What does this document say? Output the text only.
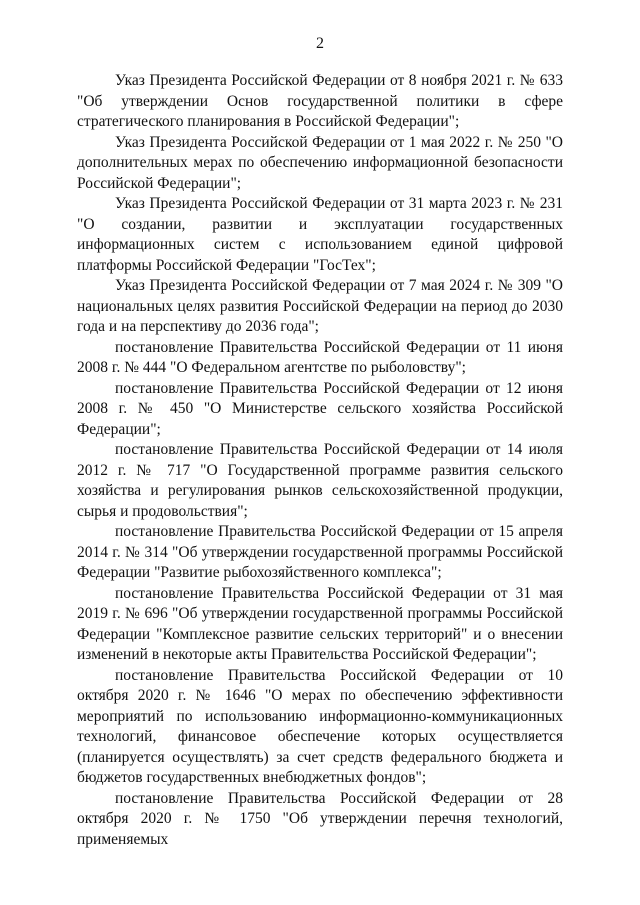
2

Указ Президента Российской Федерации от 8 ноября 2021 г. № 633 "Об утверждении Основ государственной политики в сфере стратегического планирования в Российской Федерации";

Указ Президента Российской Федерации от 1 мая 2022 г. № 250 "О дополнительных мерах по обеспечению информационной безопасности Российской Федерации";

Указ Президента Российской Федерации от 31 марта 2023 г. № 231 "О создании, развитии и эксплуатации государственных информационных систем с использованием единой цифровой платформы Российской Федерации "ГосТех";

Указ Президента Российской Федерации от 7 мая 2024 г. № 309 "О национальных целях развития Российской Федерации на период до 2030 года и на перспективу до 2036 года";

постановление Правительства Российской Федерации от 11 июня 2008 г. № 444 "О Федеральном агентстве по рыболовству";

постановление Правительства Российской Федерации от 12 июня 2008 г. № 450 "О Министерстве сельского хозяйства Российской Федерации";

постановление Правительства Российской Федерации от 14 июля 2012 г. № 717 "О Государственной программе развития сельского хозяйства и регулирования рынков сельскохозяйственной продукции, сырья и продовольствия";

постановление Правительства Российской Федерации от 15 апреля 2014 г. № 314 "Об утверждении государственной программы Российской Федерации "Развитие рыбохозяйственного комплекса";

постановление Правительства Российской Федерации от 31 мая 2019 г. № 696 "Об утверждении государственной программы Российской Федерации "Комплексное развитие сельских территорий" и о внесении изменений в некоторые акты Правительства Российской Федерации";

постановление Правительства Российской Федерации от 10 октября 2020 г. № 1646 "О мерах по обеспечению эффективности мероприятий по использованию информационно-коммуникационных технологий, финансовое обеспечение которых осуществляется (планируется осуществлять) за счет средств федерального бюджета и бюджетов государственных внебюджетных фондов";

постановление Правительства Российской Федерации от 28 октября 2020 г. № 1750 "Об утверждении перечня технологий, применяемых
